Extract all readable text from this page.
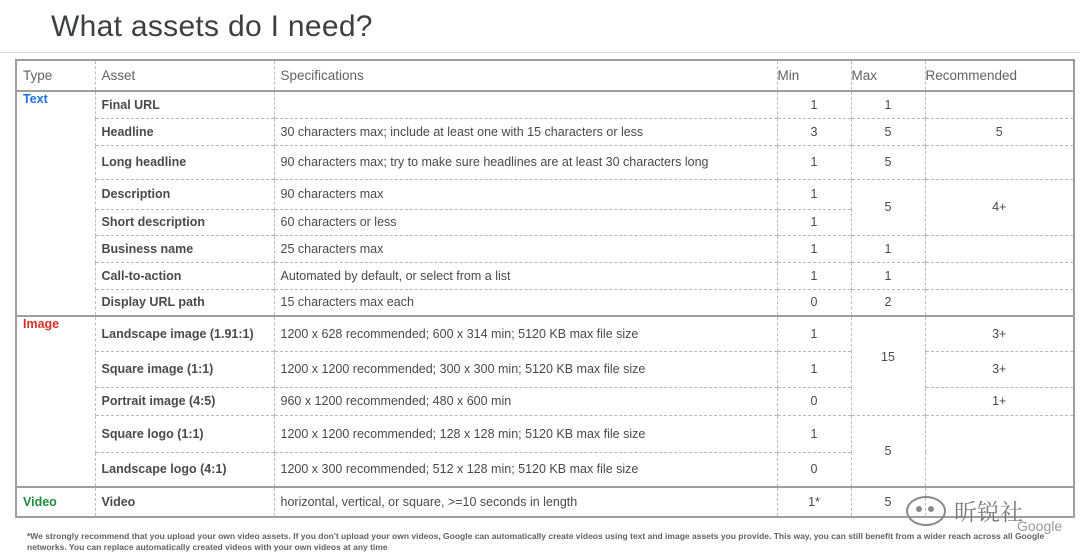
What assets do I need?
Type	Asset	Specifications	Min	Max	Recommended
Text	Final URL		1	1	
	Headline	30 characters max; include at least one with 15 characters or less	3	5	5
	Long headline	90 characters max; try to make sure headlines are at least 30 characters long	1	5	
	Description	90 characters max	1	5	4+
	Short description	60 characters or less	1		
	Business name	25 characters max	1	1	
	Call-to-action	Automated by default, or select from a list	1	1	
	Display URL path	15 characters max each	0	2	
Image	Landscape image (1.91:1)	1200 x 628 recommended; 600 x 314 min; 5120 KB max file size	1	15	3+
	Square image (1:1)	1200 x 1200 recommended; 300 x 300 min; 5120 KB max file size	1		3+
	Portrait image (4:5)	960 x 1200 recommended; 480 x 600 min	0		1+
	Square logo (1:1)	1200 x 1200 recommended; 128 x 128 min; 5120 KB max file size	1	5	
	Landscape logo (4:1)	1200 x 300 recommended; 512 x 128 min; 5120 KB max file size	0		
Video	Video	horizontal, vertical, or square, >=10 seconds in length	1*	5		昕锐社
Google
*We strongly recommend that you upload your own video assets. If you don't upload your own videos, Google can automatically create videos using text and image assets you provide. This way, you can still benefit from a wider reach across all Google networks. You can replace automatically created videos with your own videos at any time
